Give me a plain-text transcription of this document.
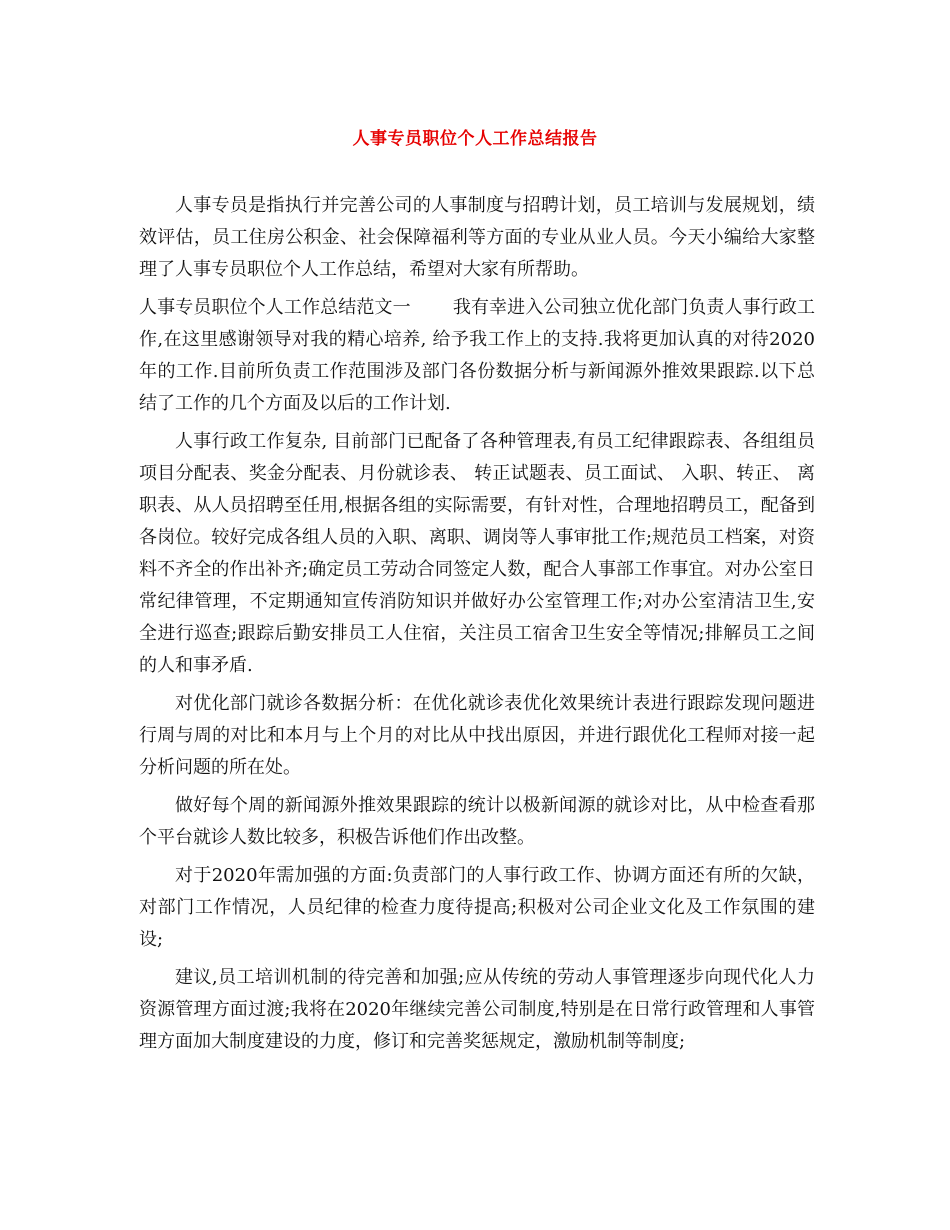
人事专员职位个人工作总结报告

人事专员是指执行并完善公司的人事制度与招聘计划，员工培训与发展规划，绩效评估，员工住房公积金、社会保障福利等方面的专业从业人员。今天小编给大家整理了人事专员职位个人工作总结，希望对大家有所帮助。

人事专员职位个人工作总结范文一 我有幸进入公司独立优化部门负责人事行政工作,在这里感谢领导对我的精心培养, 给予我工作上的支持.我将更加认真的对待2020年的工作.目前所负责工作范围涉及部门各份数据分析与新闻源外推效果跟踪.以下总结了工作的几个方面及以后的工作计划.

人事行政工作复杂, 目前部门已配备了各种管理表,有员工纪律跟踪表、各组组员项目分配表、奖金分配表、月份就诊表、 转正试题表、员工面试、 入职、转正、 离职表、从人员招聘至任用,根据各组的实际需要，有针对性，合理地招聘员工，配备到各岗位。较好完成各组人员的入职、离职、调岗等人事审批工作;规范员工档案，对资料不齐全的作出补齐;确定员工劳动合同签定人数，配合人事部工作事宜。对办公室日常纪律管理，不定期通知宣传消防知识并做好办公室管理工作;对办公室清洁卫生,安全进行巡查;跟踪后勤安排员工人住宿，关注员工宿舍卫生安全等情况;排解员工之间的人和事矛盾.

对优化部门就诊各数据分析：在优化就诊表优化效果统计表进行跟踪发现问题进行周与周的对比和本月与上个月的对比从中找出原因，并进行跟优化工程师对接一起分析问题的所在处。

做好每个周的新闻源外推效果跟踪的统计以极新闻源的就诊对比，从中检查看那个平台就诊人数比较多，积极告诉他们作出改整。

对于2020年需加强的方面:负责部门的人事行政工作、协调方面还有所的欠缺，对部门工作情况，人员纪律的检查力度待提高;积极对公司企业文化及工作氛围的建设;

建议,员工培训机制的待完善和加强;应从传统的劳动人事管理逐步向现代化人力资源管理方面过渡;我将在2020年继续完善公司制度,特别是在日常行政管理和人事管理方面加大制度建设的力度，修订和完善奖惩规定，激励机制等制度;
